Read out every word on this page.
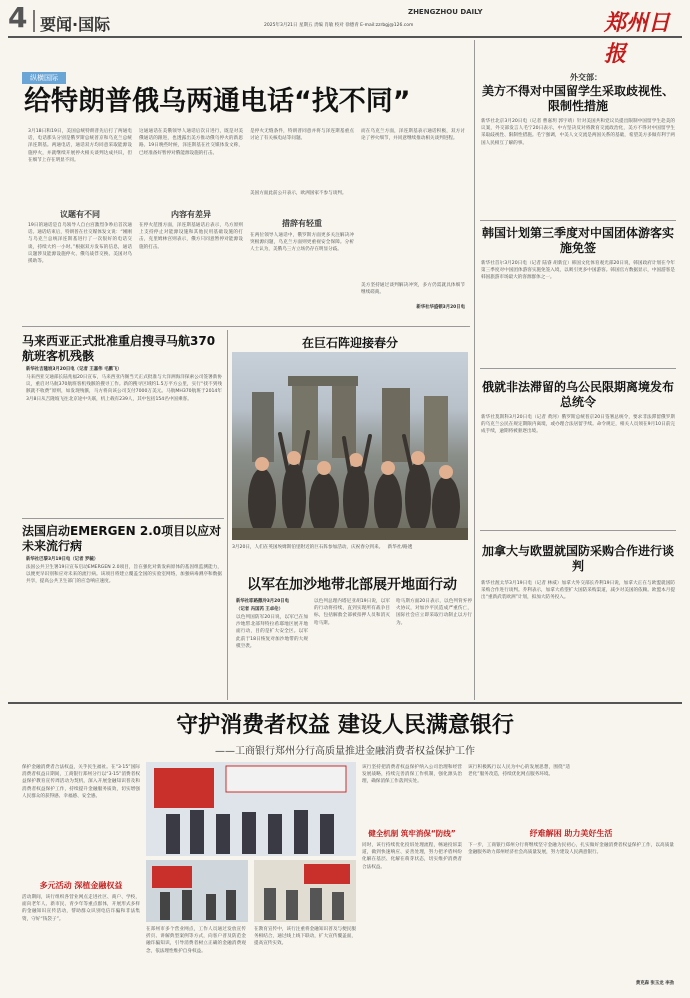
4 要闻·国际
ZHENGZHOU DAILY
2025年3月21日 星期五 责编 肖敏 校对 徐德青 E-mail:zzrbgj@126.com	郑州日报
纵横国际
给特朗普俄乌两通电话“找不同”
3月18日和19日，美国总统特朗普先后打了两通电话，电话那头分别是俄罗斯总统普京和乌克兰总统泽连斯基。两通电话，通话双方均同意采取能源设施停火，并就继续开展停火相关谈判达成共识，但在细节上存在明显不同。
议题有不同
19日的通话是自乌领导人自白宫激烈争吵后首次通话。通话结束后，特朗普在社交媒体发文说：“刚刚与乌克兰总统泽连斯基进行了一次很好的电话交谈，持续大约一小时。”根据双方发布的信息，通话议题涉及能源设施停火、俄乌战俘交换、美国对乌援助等。
这通通话在美俄领导人通话后次日进行，既是对美俄通话的跟进，也透露出美方推动俄乌停火的新思路。19日晚些时候，泽连斯基在社交媒体发文称，已经准备好暂停对俄能源设施的打击。
内容有差异
在停火范围方面，泽连斯基通话后表示，乌方原则上支持停止对能源设施和其他民用基础设施的打击，克里姆林宫则表示，俄方只同意暂停对能源设施的打击。
是停火无缝条件，特朗普同意并将与泽连斯基重点讨论了有关核电站等问题。
美国方面此前公开表示，欧洲国家不参与谈判。
措辞有轻重
在两位领导人通话中，俄罗斯方面更多关注解决冲突根源问题，乌克兰方面则更重视安全保障。分析人士认为，美俄乌三方立场仍存在明显分歧。
而在乌克兰方面，泽连斯基表示通话积极，双方讨论了停火细节，并同意继续推动相关谈判进程。
美方坚持通过谈判解决冲突，多方仍需就具体细节继续磋商。
新华社华盛顿3月20日电
外交部：
美方不得对中国留学生采取歧视性、限制性措施
新华社北京3月20日电（记者 曹嘉玥 郭宇靖）针对美国共和党议员提出限制中国留学生赴美的议案，外交部发言人毛宁20日表示，中方坚决反对将教育交流政治化，美方不得对中国留学生采取歧视性、限制性措施。毛宁强调，中美人文交流是两国关系的基础，希望美方多做有利于两国人民相互了解的事。
韩国计划第三季度对中国团体游客实施免签
新华社首尔3月20日电（记者 陆睿 胡新宜）韩国文化体育观光部20日说，韩国政府计划在今年第三季度对中国团体游客实施免签入境，以吸引更多中国游客。韩国官方数据显示，中国游客是韩国旅游市场最大的客源群体之一。
俄就非法滞留的乌公民限期离境发布总统令
新华社莫斯科3月20日电（记者 黄河）俄罗斯总统普京20日签署总统令，要求非法滞留俄罗斯的乌克兰公民在规定期限内离境，或办理合法居留手续。命令规定，相关人员须在9月10日前完成手续，逾期将被驱逐出境。
加拿大与欧盟就国防采购合作进行谈判
新华社渥太华3月19日电（记者 林威）加拿大外交部长乔利19日说，加拿大正在与欧盟就国防采购合作进行谈判。乔利表示，加拿大希望扩大国防采购渠道，减少对美国的依赖。欧盟本月提出“重新武装欧洲”计划，拟加大防务投入。
马来西亚正式批准重启搜寻马航370航班客机残骸
新华社吉隆坡3月20日电（记者 王嘉伟 毛鹏飞）
马来西亚交通部长陆兆福20日宣布，马来西亚内阁当天正式批准与大洋洲海洋探索公司签署新协议，重启对马航370航班客机残骸的搜寻工作。新的搜寻区域约1.5万平方公里，实行“找不到残骸就不收费”原则，如发现残骸，马方将向该公司支付7000万美元。马航MH370航班于2014年3月8日从吉隆坡飞往北京途中失联，机上载有239人，其中包括154名中国乘客。
法国启动EMERGEN 2.0项目以应对未来流行病
新华社巴黎3月19日电（记者 罗毓）
法国公共卫生署19日宣布启动EMERGEN 2.0项目，旨在强化对新发病原体的基因组监测能力，以便更早识别和应对未来的流行病。该项目将建立覆盖全国的实验室网络，加强病毒测序和数据共享，提高公共卫生部门的应急响应速度。
在巨石阵迎接春分
3月20日，人们在英国埃姆斯伯里附近的巨石阵参加活动，庆祝春分到来。 新华社/路透
以军在加沙地带北部展开地面行动
新华社耶路撒冷3月20日电
（记者 冯国芮 王卓伦）
以色列国防军20日说，以军已在加沙地带北部拜特拉希耶地区展开地面行动，目的是扩大安全区。以军此前于18日恢复对加沙地带的大规模空袭。
以色列总理内塔尼亚胡19日说，以军的行动将持续，直到实现所有战争目标，包括解救全部被扣押人员和消灭哈马斯。
哈马斯方面20日表示，以色列背弃停火协议，对加沙平民造成严重伤亡，国际社会应立即采取行动制止以方行为。
守护消费者权益 建设人民满意银行
——工商银行郑州分行高质量推进金融消费者权益保护工作
保护金融消费者合法权益，关乎民生福祉。在“3·15”国际消费者权益日期间，工商银行郑州分行以“3·15”消费者权益保护教育宣传周活动为契机，深入开展金融知识普及和消费者权益保护工作，持续提升金融服务质效，切实增强人民群众的获得感、幸福感、安全感。
多元活动 深植金融权益
活动期间，该行组织各营业网点走进社区、商户、学校，面向老年人、新市民、青少年等重点群体，开展形式多样的金融知识宣传活动，帮助群众识别电信诈骗和非法集资，守好“钱袋子”。
在郑州市多个营业网点，工作人员通过发放宣传折页、讲解典型案例等方式，向客户普及防范金融诈骗知识，引导消费者树立正确的金融消费观念，依法理性维护自身权益。
在教育宣传中，该行注重将金融知识普及与便民服务相结合，通过线上线下联动，扩大宣传覆盖面，提高宣传实效。
该行坚持把消费者权益保护纳入公司治理和经营发展战略，持续完善消保工作机制，强化源头治理，确保消保工作落到实处。
健全机制 筑牢消保“防线”
同时，该行持续优化投诉处理流程，畅通投诉渠道，做到快速响应、妥善处理，努力把矛盾纠纷化解在基层、化解在萌芽状态，切实维护消费者合法权益。
该行积极践行以人民为中心的发展思想，围绕“适老化”服务改造，持续优化网点服务环境。
纾难解困 助力美好生活
下一步，工商银行郑州分行将继续坚守金融为民初心，扎实做好金融消费者权益保护工作，以高质量金融服务助力郑州经济社会高质量发展，努力建设人民满意银行。
黄克森 张玉龙 李劲
